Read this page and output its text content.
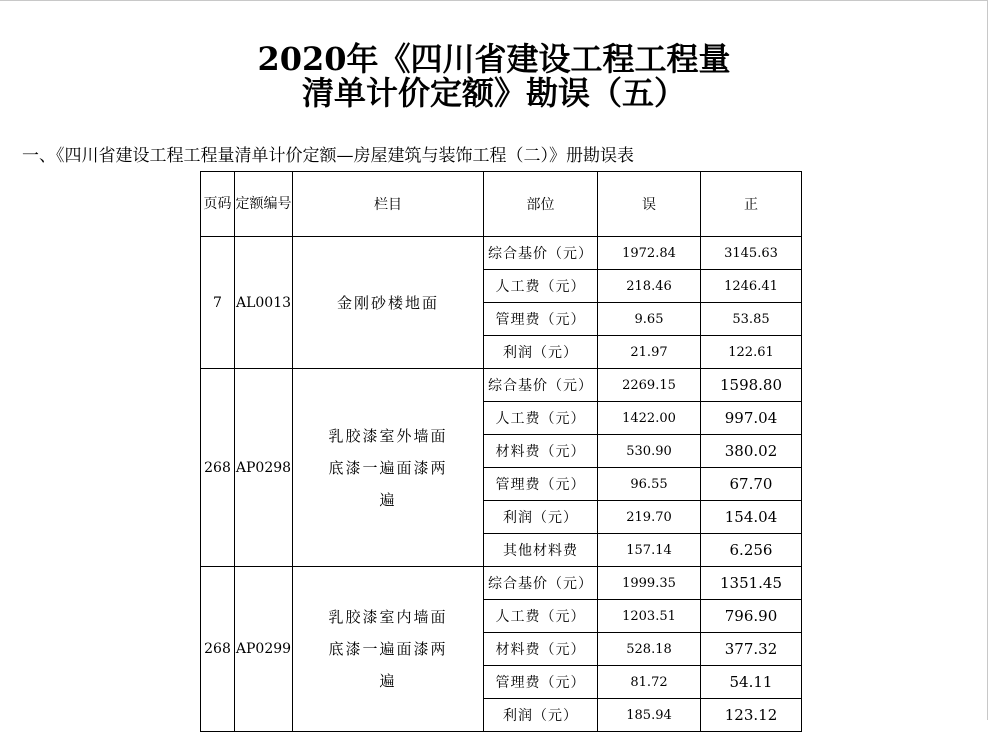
2020年《四川省建设工程工程量
清单计价定额》勘误（五）
一、《四川省建设工程工程量清单计价定额—房屋建筑与装饰工程（二）》册勘误表
页码	定额编号	栏目	部位	误	正
7	AL0013	金刚砂楼地面	综合基价（元）	1972.84	3145.63
			人工费（元）	218.46	1246.41
			管理费（元）	9.65	53.85
			利润（元）	21.97	122.61
268	AP0298	乳胶漆室外墙面底漆一遍面漆两遍	综合基价（元）	2269.15	1598.80
			人工费（元）	1422.00	997.04
			材料费（元）	530.90	380.02
			管理费（元）	96.55	67.70
			利润（元）	219.70	154.04
			其他材料费	157.14	6.256
268	AP0299	乳胶漆室内墙面底漆一遍面漆两遍	综合基价（元）	1999.35	1351.45
			人工费（元）	1203.51	796.90
			材料费（元）	528.18	377.32
			管理费（元）	81.72	54.11
			利润（元）	185.94	123.12
